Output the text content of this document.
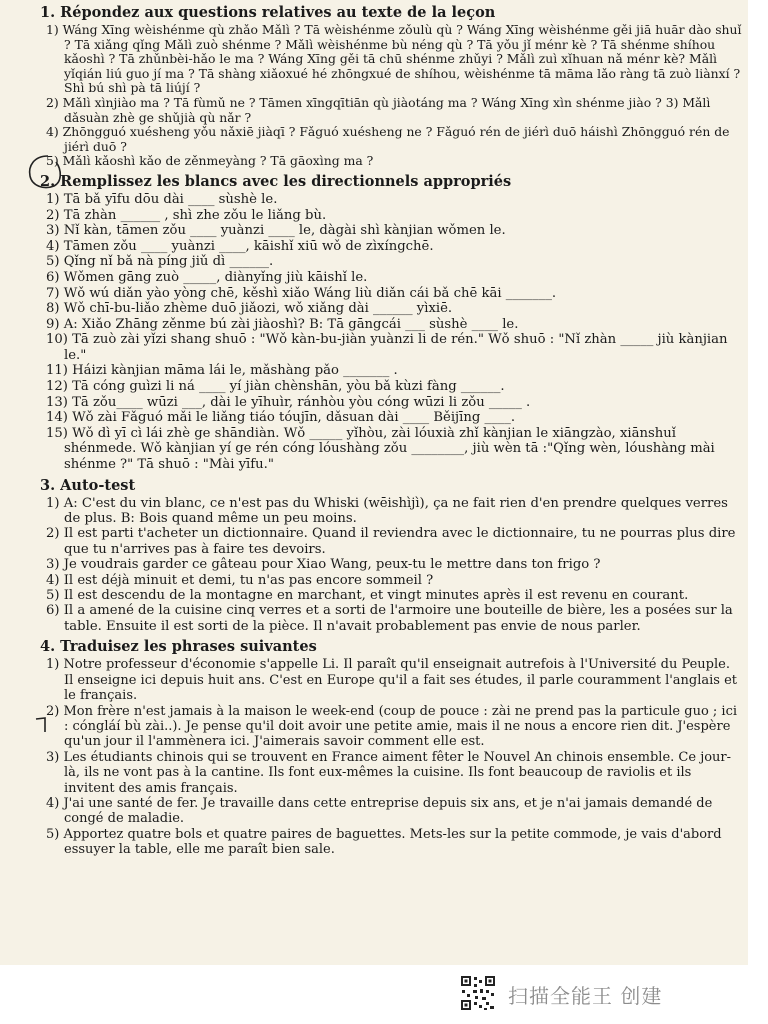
1. Répondez aux questions relatives au texte de la leçon

1) Wáng Xīng wèishénme qù zhǎo Mǎlì ? Tā wèishénme zǒulù qù ? Wáng Xīng wèishénme gěi jiā huār dào shuǐ ? Tā xiǎng qǐng Mǎlì zuò shénme ? Mǎlì wèishénme bù néng qù ? Tā yǒu jǐ ménr kè ? Tā shénme shíhou kǎoshì ? Tā zhǔnbèi-hǎo le ma ? Wáng Xīng gěi tā chū shénme zhǔyi ? Mǎlì zuì xǐhuan nǎ ménr kè? Mǎlì yǐqián liú guo jí ma ? Tā shàng xiǎoxué hé zhōngxué de shíhou, wèishénme tā māma lǎo ràng tā zuò liànxí ? Shì bú shì pà tā liújí ?

2) Mǎlì xìnjiào ma ? Tā fùmǔ ne ? Tāmen xīngqītiān qù jiàotáng ma ? Wáng Xīng xìn shénme jiào ? 3) Mǎlì dǎsuàn zhè ge shǔjià qù nǎr ?

4) Zhōngguó xuésheng yǒu nǎxiē jiàqī ? Fǎguó xuésheng ne ? Fǎguó rén de jiérì duō háishì Zhōngguó rén de jiérì duō ?

5) Mǎlì kǎoshì kǎo de zěnmeyàng ? Tā gāoxìng ma ?

2. Remplissez les blancs avec les directionnels appropriés

1) Tā bǎ yīfu dōu dài ____ sùshè le.

2) Tā zhàn ______ , shì zhe zǒu le liǎng bù.

3) Nǐ kàn, tāmen zǒu ____ yuànzi ____ le, dàgài shì kànjian wǒmen le.

4) Tāmen zǒu ____ yuànzi ____, kāishǐ xiū wǒ de zìxíngchē.

5) Qǐng nǐ bǎ nà píng jiǔ dì ______.

6) Wǒmen gāng zuò _____, diànyǐng jiù kāishǐ le.

7) Wǒ wú diǎn yào yòng chē, kěshì xiǎo Wáng liù diǎn cái bǎ chē kāi _______.

8) Wǒ chī-bu-liǎo zhème duō jiǎozi, wǒ xiǎng dài ______ yìxiē.

9) A: Xiǎo Zhāng zěnme bú zài jiàoshì? B: Tā gāngcái ___ sùshè ____ le.

10) Tā zuò zài yǐzi shang shuō : "Wǒ kàn-bu-jiàn yuànzi li de rén." Wǒ shuō : "Nǐ zhàn _____ jiù kànjian le."

11) Háizi kànjian māma lái le, mǎshàng pǎo _______ .

12) Tā cóng guìzi li ná ____ yí jiàn chènshān, yòu bǎ kùzi fàng ______.

13) Tā zǒu____ wūzi ___, dài le yīhuìr, ránhòu yòu cóng wūzi li zǒu _____ .

14) Wǒ zài Fǎguó mǎi le liǎng tiáo tóujīn, dǎsuan dài ____ Běijīng ____.

15) Wǒ dì yī cì lái zhè ge shāndiàn. Wǒ _____ yǐhòu, zài lóuxià zhǐ kànjian le xiāngzào, xiānshuǐ shénmede. Wǒ kànjian yí ge rén cóng lóushàng zǒu ________, jiù wèn tā :"Qǐng wèn, lóushàng mài shénme ?" Tā shuō : "Mài yīfu."

3. Auto-test

1) A: C'est du vin blanc, ce n'est pas du Whiski (wēishìjì), ça ne fait rien d'en prendre quelques verres de plus. B: Bois quand même un peu moins.

2) Il est parti t'acheter un dictionnaire. Quand il reviendra avec le dictionnaire, tu ne pourras plus dire que tu n'arrives pas à faire tes devoirs.

3) Je voudrais garder ce gâteau pour Xiao Wang, peux-tu le mettre dans ton frigo ?

4) Il est déjà minuit et demi, tu n'as pas encore sommeil ?

5) Il est descendu de la montagne en marchant, et vingt minutes après il est revenu en courant.

6) Il a amené de la cuisine cinq verres et a sorti de l'armoire une bouteille de bière, les a posées sur la table. Ensuite il est sorti de la pièce. Il n'avait probablement pas envie de nous parler.

4. Traduisez les phrases suivantes

1) Notre professeur d'économie s'appelle Li. Il paraît qu'il enseignait autrefois à l'Université du Peuple. Il enseigne ici depuis huit ans. C'est en Europe qu'il a fait ses études, il parle couramment l'anglais et le français.

2) Mon frère n'est jamais à la maison le week-end (coup de pouce : zài ne prend pas la particule guo ; ici : cóngláí bù zài..). Je pense qu'il doit avoir une petite amie, mais il ne nous a encore rien dit. J'espère qu'un jour il l'ammènera ici. J'aimerais savoir comment elle est.

3) Les étudiants chinois qui se trouvent en France aiment fêter le Nouvel An chinois ensemble. Ce jour-là, ils ne vont pas à la cantine. Ils font eux-mêmes la cuisine. Ils font beaucoup de raviolis et ils invitent des amis français.

4) J'ai une santé de fer. Je travaille dans cette entreprise depuis six ans, et je n'ai jamais demandé de congé de maladie.

5) Apportez quatre bols et quatre paires de baguettes. Mets-les sur la petite commode, je vais d'abord essuyer la table, elle me paraît bien sale.

扫描全能王 创建
